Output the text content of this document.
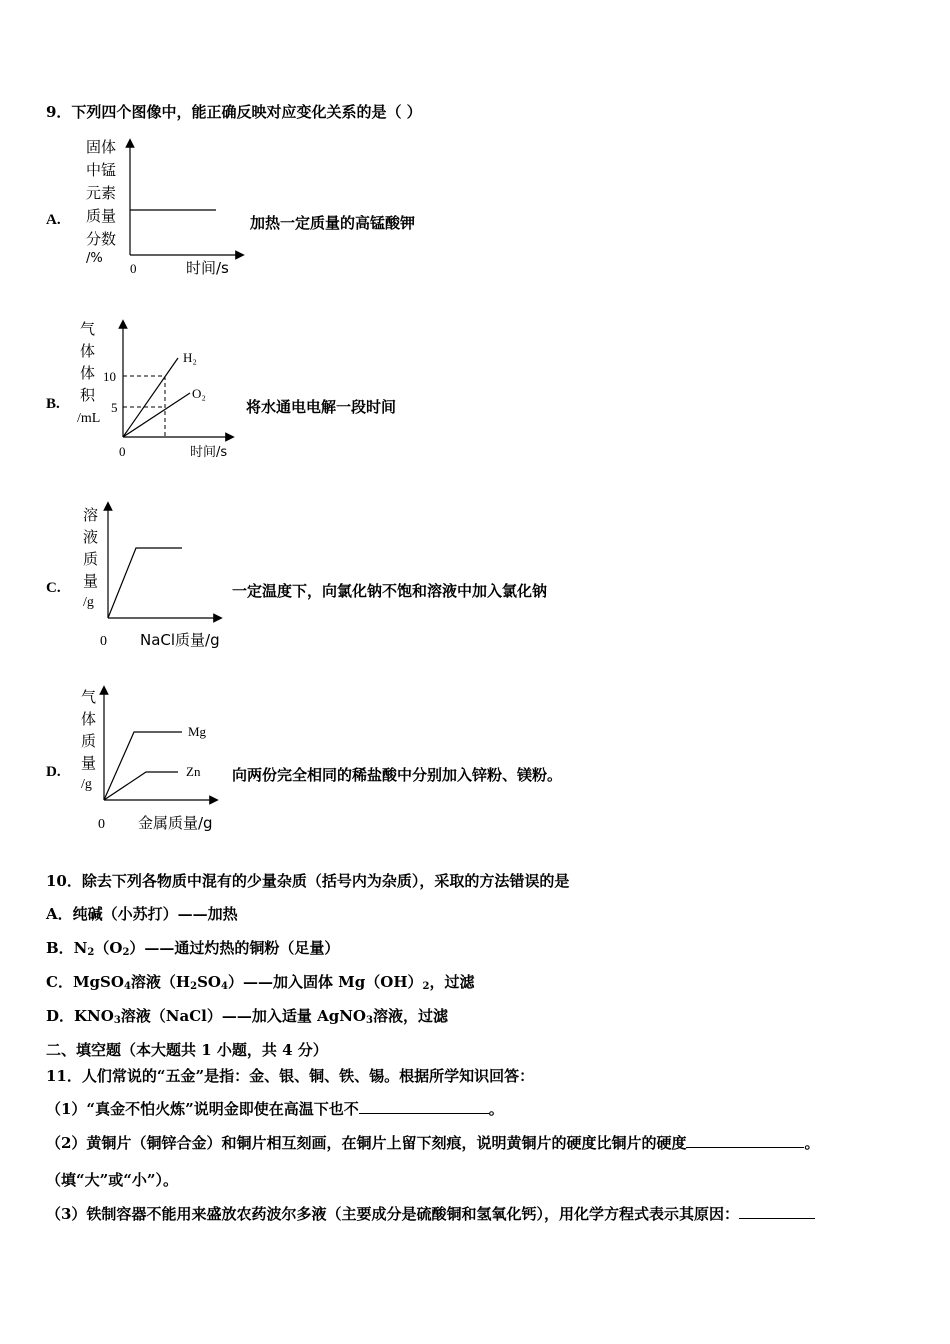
9．下列四个图像中，能正确反映对应变化关系的是（ ）
A.
固体
中锰
元素
质量
分数
/%
0	时间/s
加热一定质量的高锰酸钾
B.
10
5
H₂
O₂
气
体
体
积
/mL
0	时间/s
将水通电电解一段时间
C.
溶
液
质
量
/g
0 NaCl质量/g
一定温度下，向氯化钠不饱和溶液中加入氯化钠
D.
Mg
Zn
气
体
质
量
/g
0 金属质量/g
向两份完全相同的稀盐酸中分别加入锌粉、镁粉。
10．除去下列各物质中混有的少量杂质（括号内为杂质），采取的方法错误的是
A．纯碱（小苏打）——加热
B．$N_2(O_2)——$通过灼热的铜粉（足量）
C．MgSO$_4$溶液$(H_2SO_4)——$加入固体 $Mg(OH)_2$，过滤
D．$KNO_3$溶液（NaCl）——加入适量 AgNO$_3$溶液，过滤
二、填空题（本大题共 1 小题，共 4 分）
11．人们常说的“五金”是指：金、银、铜、铁、锡。根据所学知识回答：
（1）“真金不怕火炼”说明金即使在高温下也不	。
（2）黄铜片（铜锌合金）和铜片相互刻画，在铜片上留下刻痕，说明黄铜片的硬度比铜片的硬度	。
（填“大”或“小”）。
（3）铁制容器不能用来盛放农药波尔多液（主要成分是硫酸铜和氢氧化钙），用化学方程式表示其原因：
